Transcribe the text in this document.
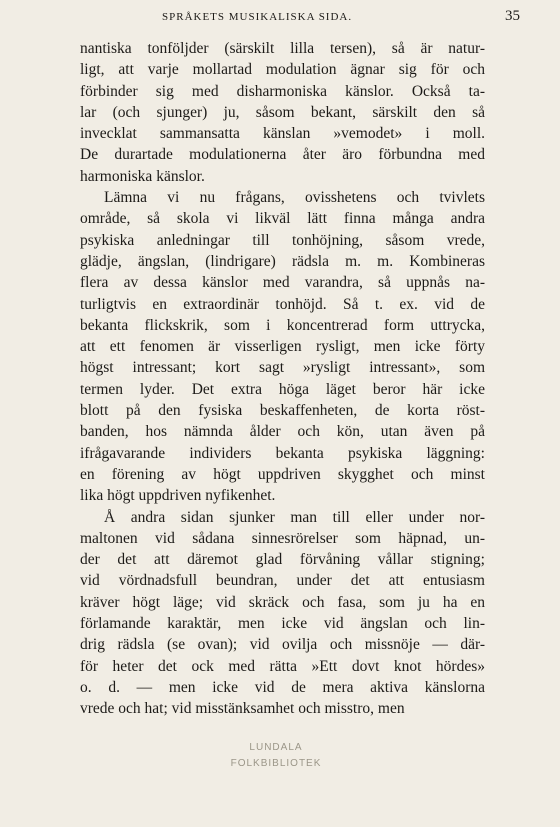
SPRÅKETS MUSIKALISKA SIDA.	35
nantiska tonföljder (särskilt lilla tersen), så är natur-
ligt, att varje mollartad modulation ägnar sig för och
förbinder sig med disharmoniska känslor. Också ta-
lar (och sjunger) ju, såsom bekant, särskilt den så
invecklat sammansatta känslan »vemodet» i moll.
De durartade modulationerna åter äro förbundna med
harmoniska känslor.
Lämna vi nu frågans, ovisshetens och tvivlets
område, så skola vi likväl lätt finna många andra
psykiska anledningar till tonhöjning, såsom vrede,
glädje, ängslan, (lindrigare) rädsla m. m. Kombineras
flera av dessa känslor med varandra, så uppnås na-
turligtvis en extraordinär tonhöjd. Så t. ex. vid de
bekanta flickskrik, som i koncentrerad form uttrycka,
att ett fenomen är visserligen rysligt, men icke förty
högst intressant; kort sagt »rysligt intressant», som
termen lyder. Det extra höga läget beror här icke
blott på den fysiska beskaffenheten, de korta röst-
banden, hos nämnda ålder och kön, utan även på
ifrågavarande individers bekanta psykiska läggning:
en förening av högt uppdriven skygghet och minst
lika högt uppdriven nyfikenhet.
Å andra sidan sjunker man till eller under nor-
maltonen vid sådana sinnesrörelser som häpnad, un-
der det att däremot glad förvåning vållar stigning;
vid vördnadsfull beundran, under det att entusiasm
kräver högt läge; vid skräck och fasa, som ju ha en
förlamande karaktär, men icke vid ängslan och lin-
drig rädsla (se ovan); vid ovilja och missnöje — där-
för heter det ock med rätta »Ett dovt knot hördes»
o. d. — men icke vid de mera aktiva känslorna
vrede och hat; vid misstänksamhet och misstro, men
LUNDALA
FOLKBIBLIOTEK
